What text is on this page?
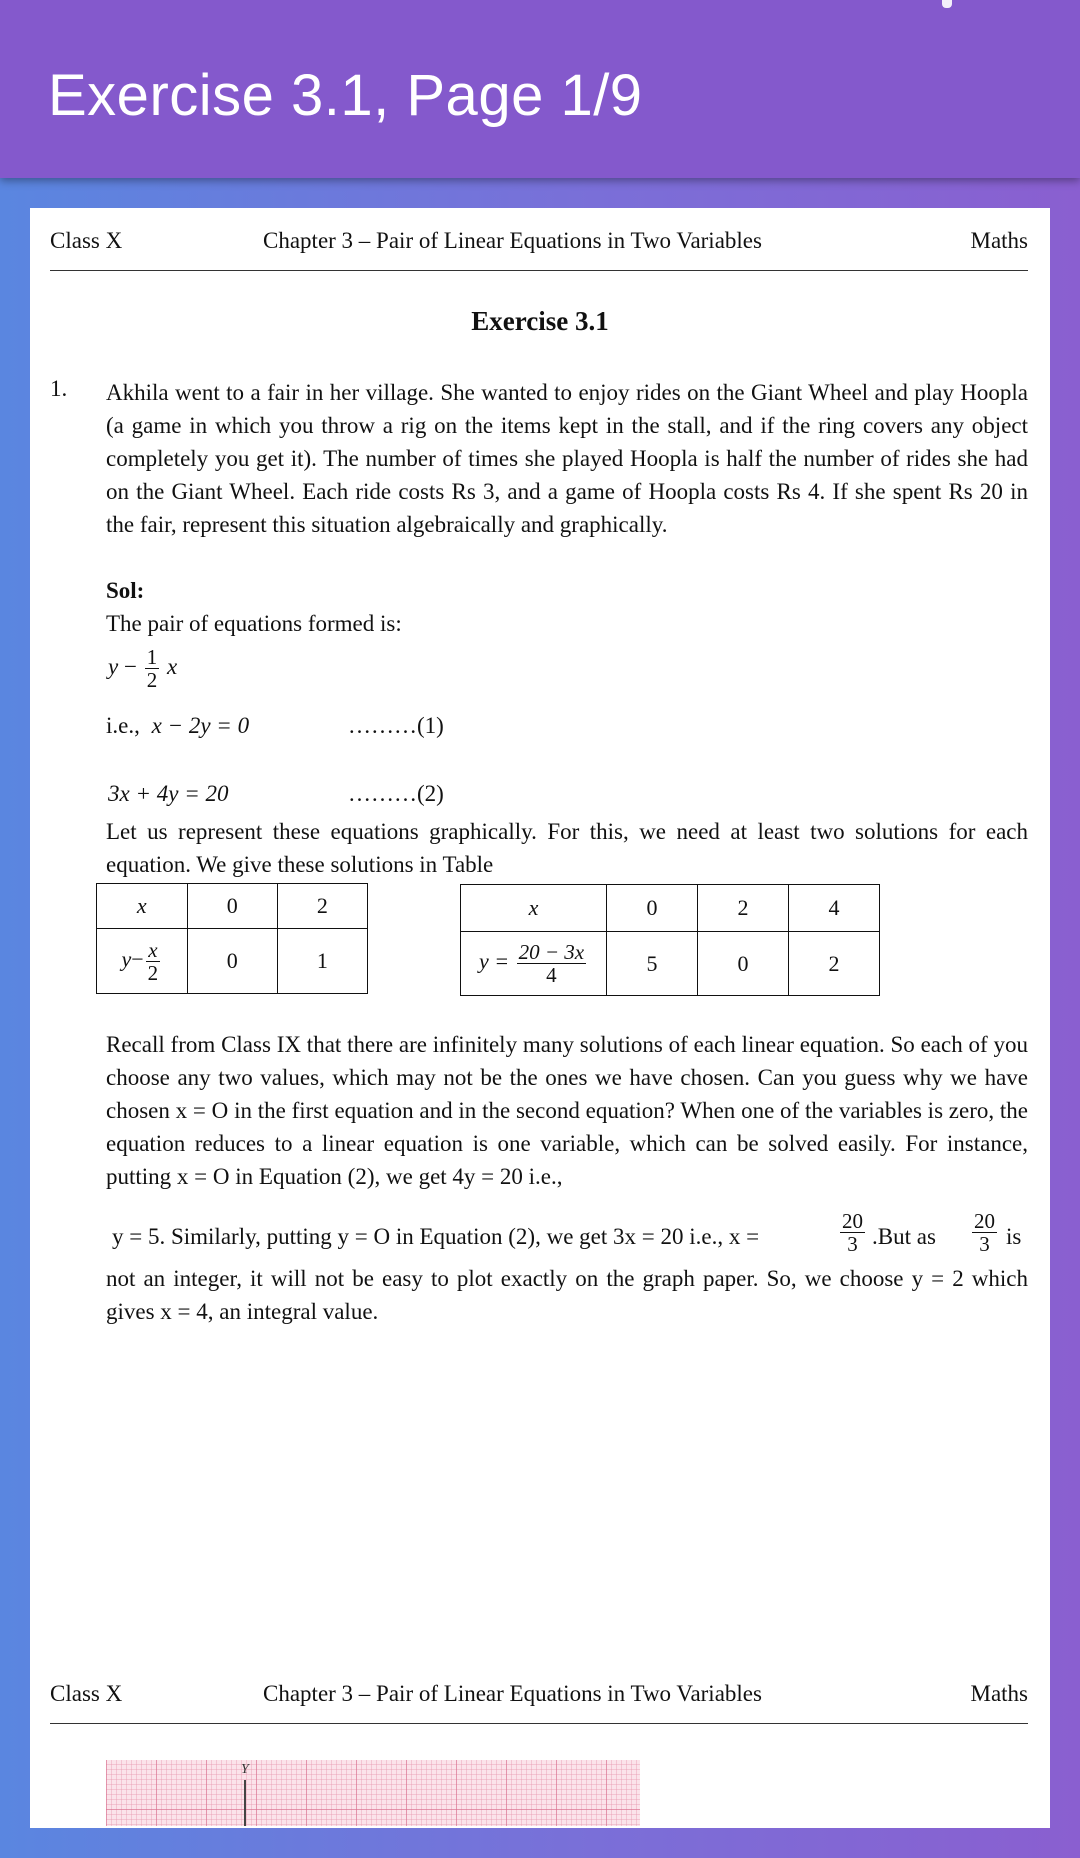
Exercise 3.1, Page 1/9
Class X	Chapter 3 – Pair of Linear Equations in Two Variables	Maths
Exercise 3.1
1. Akhila went to a fair in her village. She wanted to enjoy rides on the Giant Wheel and play Hoopla (a game in which you throw a rig on the items kept in the stall, and if the ring covers any object completely you get it). The number of times she played Hoopla is half the number of rides she had on the Giant Wheel. Each ride costs Rs 3, and a game of Hoopla costs Rs 4. If she spent Rs 20 in the fair, represent this situation algebraically and graphically.
Sol:
The pair of equations formed is:
$y - \frac{1}{2}$ x
i.e., x − 2y = 0	………(1)
3x + 4y = 20	………(2)
Let us represent these equations graphically. For this, we need at least two solutions for each equation. We give these solutions in Table
x	0	2
$y- \frac{x}{2}$	0	1
x	0	2	4
$y = \frac{20 - 3x}{4}$	5	0	2
Recall from Class IX that there are infinitely many solutions of each linear equation. So each of you choose any two values, which may not be the ones we have chosen. Can you guess why we have chosen x = O in the first equation and in the second equation? When one of the variables is zero, the equation reduces to a linear equation is one variable, which can be solved easily. For instance, putting x = O in Equation (2), we get 4y = 20 i.e.,
y = 5. Similarly, putting y = O in Equation (2), we get 3x = 20 i.e., x =	$\frac{20}{3} .But$ as $\frac{20}{3}$ is
not an integer, it will not be easy to plot exactly on the graph paper. So, we choose y = 2 which gives x = 4, an integral value.
Class X	Chapter 3 – Pair of Linear Equations in Two Variables	Maths
Y
